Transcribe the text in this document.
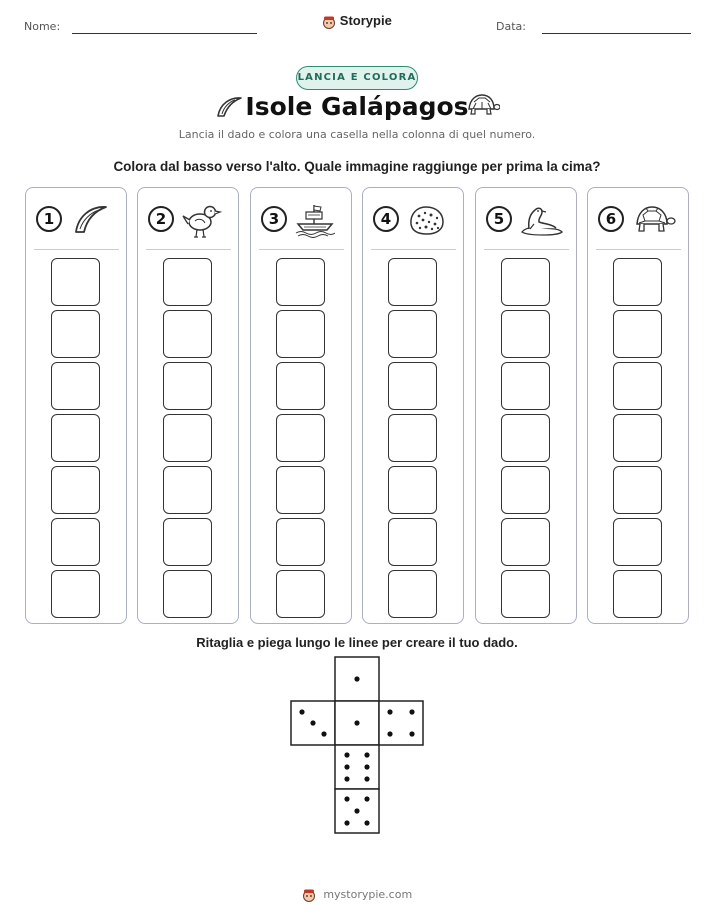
Nome:	Storypie	Data:
LANCIA E COLORA
Isole Galápagos
Lancia il dado e colora una casella nella colonna di quel numero.
Colora dal basso verso l'alto. Quale immagine raggiunge per prima la cima?
1	2	3	4	5	6
Ritaglia e piega lungo le linee per creare il tuo dado.
mystorypie.com
